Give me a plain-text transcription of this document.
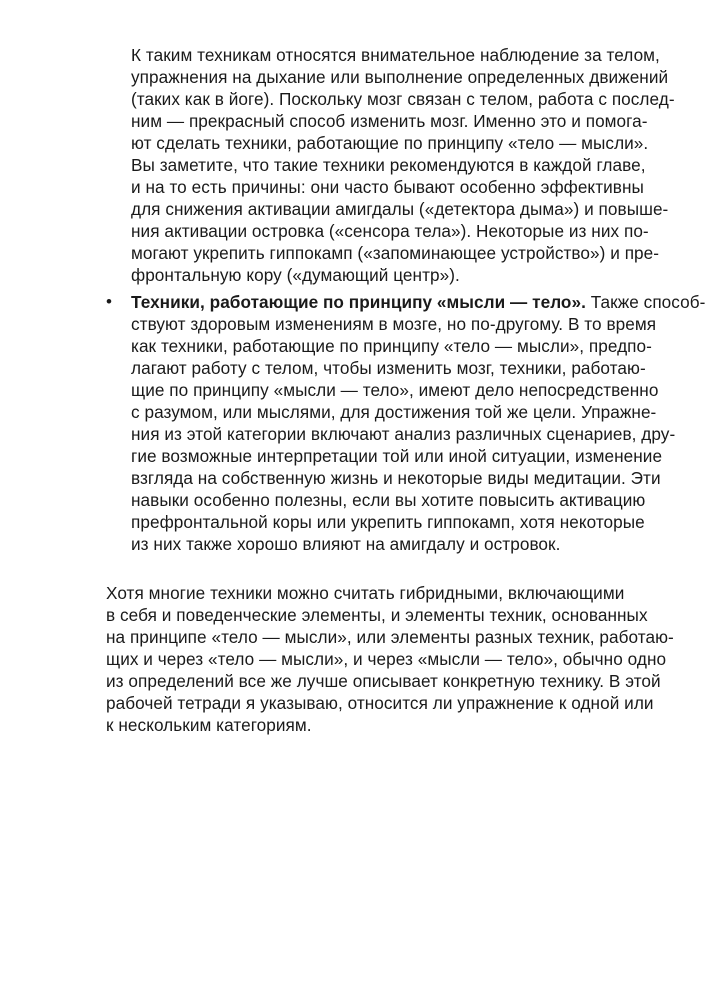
К таким техникам относятся внимательное наблюдение за телом,
упражнения на дыхание или выполнение определенных движений
(таких как в йоге). Поскольку мозг связан с телом, работа с послед-
ним — прекрасный способ изменить мозг. Именно это и помога-
ют сделать техники, работающие по принципу «тело — мысли».
Вы заметите, что такие техники рекомендуются в каждой главе,
и на то есть причины: они часто бывают особенно эффективны
для снижения активации амигдалы («детектора дыма») и повыше-
ния активации островка («сенсора тела»). Некоторые из них по-
могают укрепить гиппокамп («запоминающее устройство») и пре-
фронтальную кору («думающий центр»).
• Техники, работающие по принципу «мысли — тело». Также способ-
ствуют здоровым изменениям в мозге, но по-другому. В то время
как техники, работающие по принципу «тело — мысли», предпо-
лагают работу с телом, чтобы изменить мозг, техники, работаю-
щие по принципу «мысли — тело», имеют дело непосредственно
с разумом, или мыслями, для достижения той же цели. Упражне-
ния из этой категории включают анализ различных сценариев, дру-
гие возможные интерпретации той или иной ситуации, изменение
взгляда на собственную жизнь и некоторые виды медитации. Эти
навыки особенно полезны, если вы хотите повысить активацию
префронтальной коры или укрепить гиппокамп, хотя некоторые
из них также хорошо влияют на амигдалу и островок.
Хотя многие техники можно считать гибридными, включающими
в себя и поведенческие элементы, и элементы техник, основанных
на принципе «тело — мысли», или элементы разных техник, работаю-
щих и через «тело — мысли», и через «мысли — тело», обычно одно
из определений все же лучше описывает конкретную технику. В этой
рабочей тетради я указываю, относится ли упражнение к одной или
к нескольким категориям.
